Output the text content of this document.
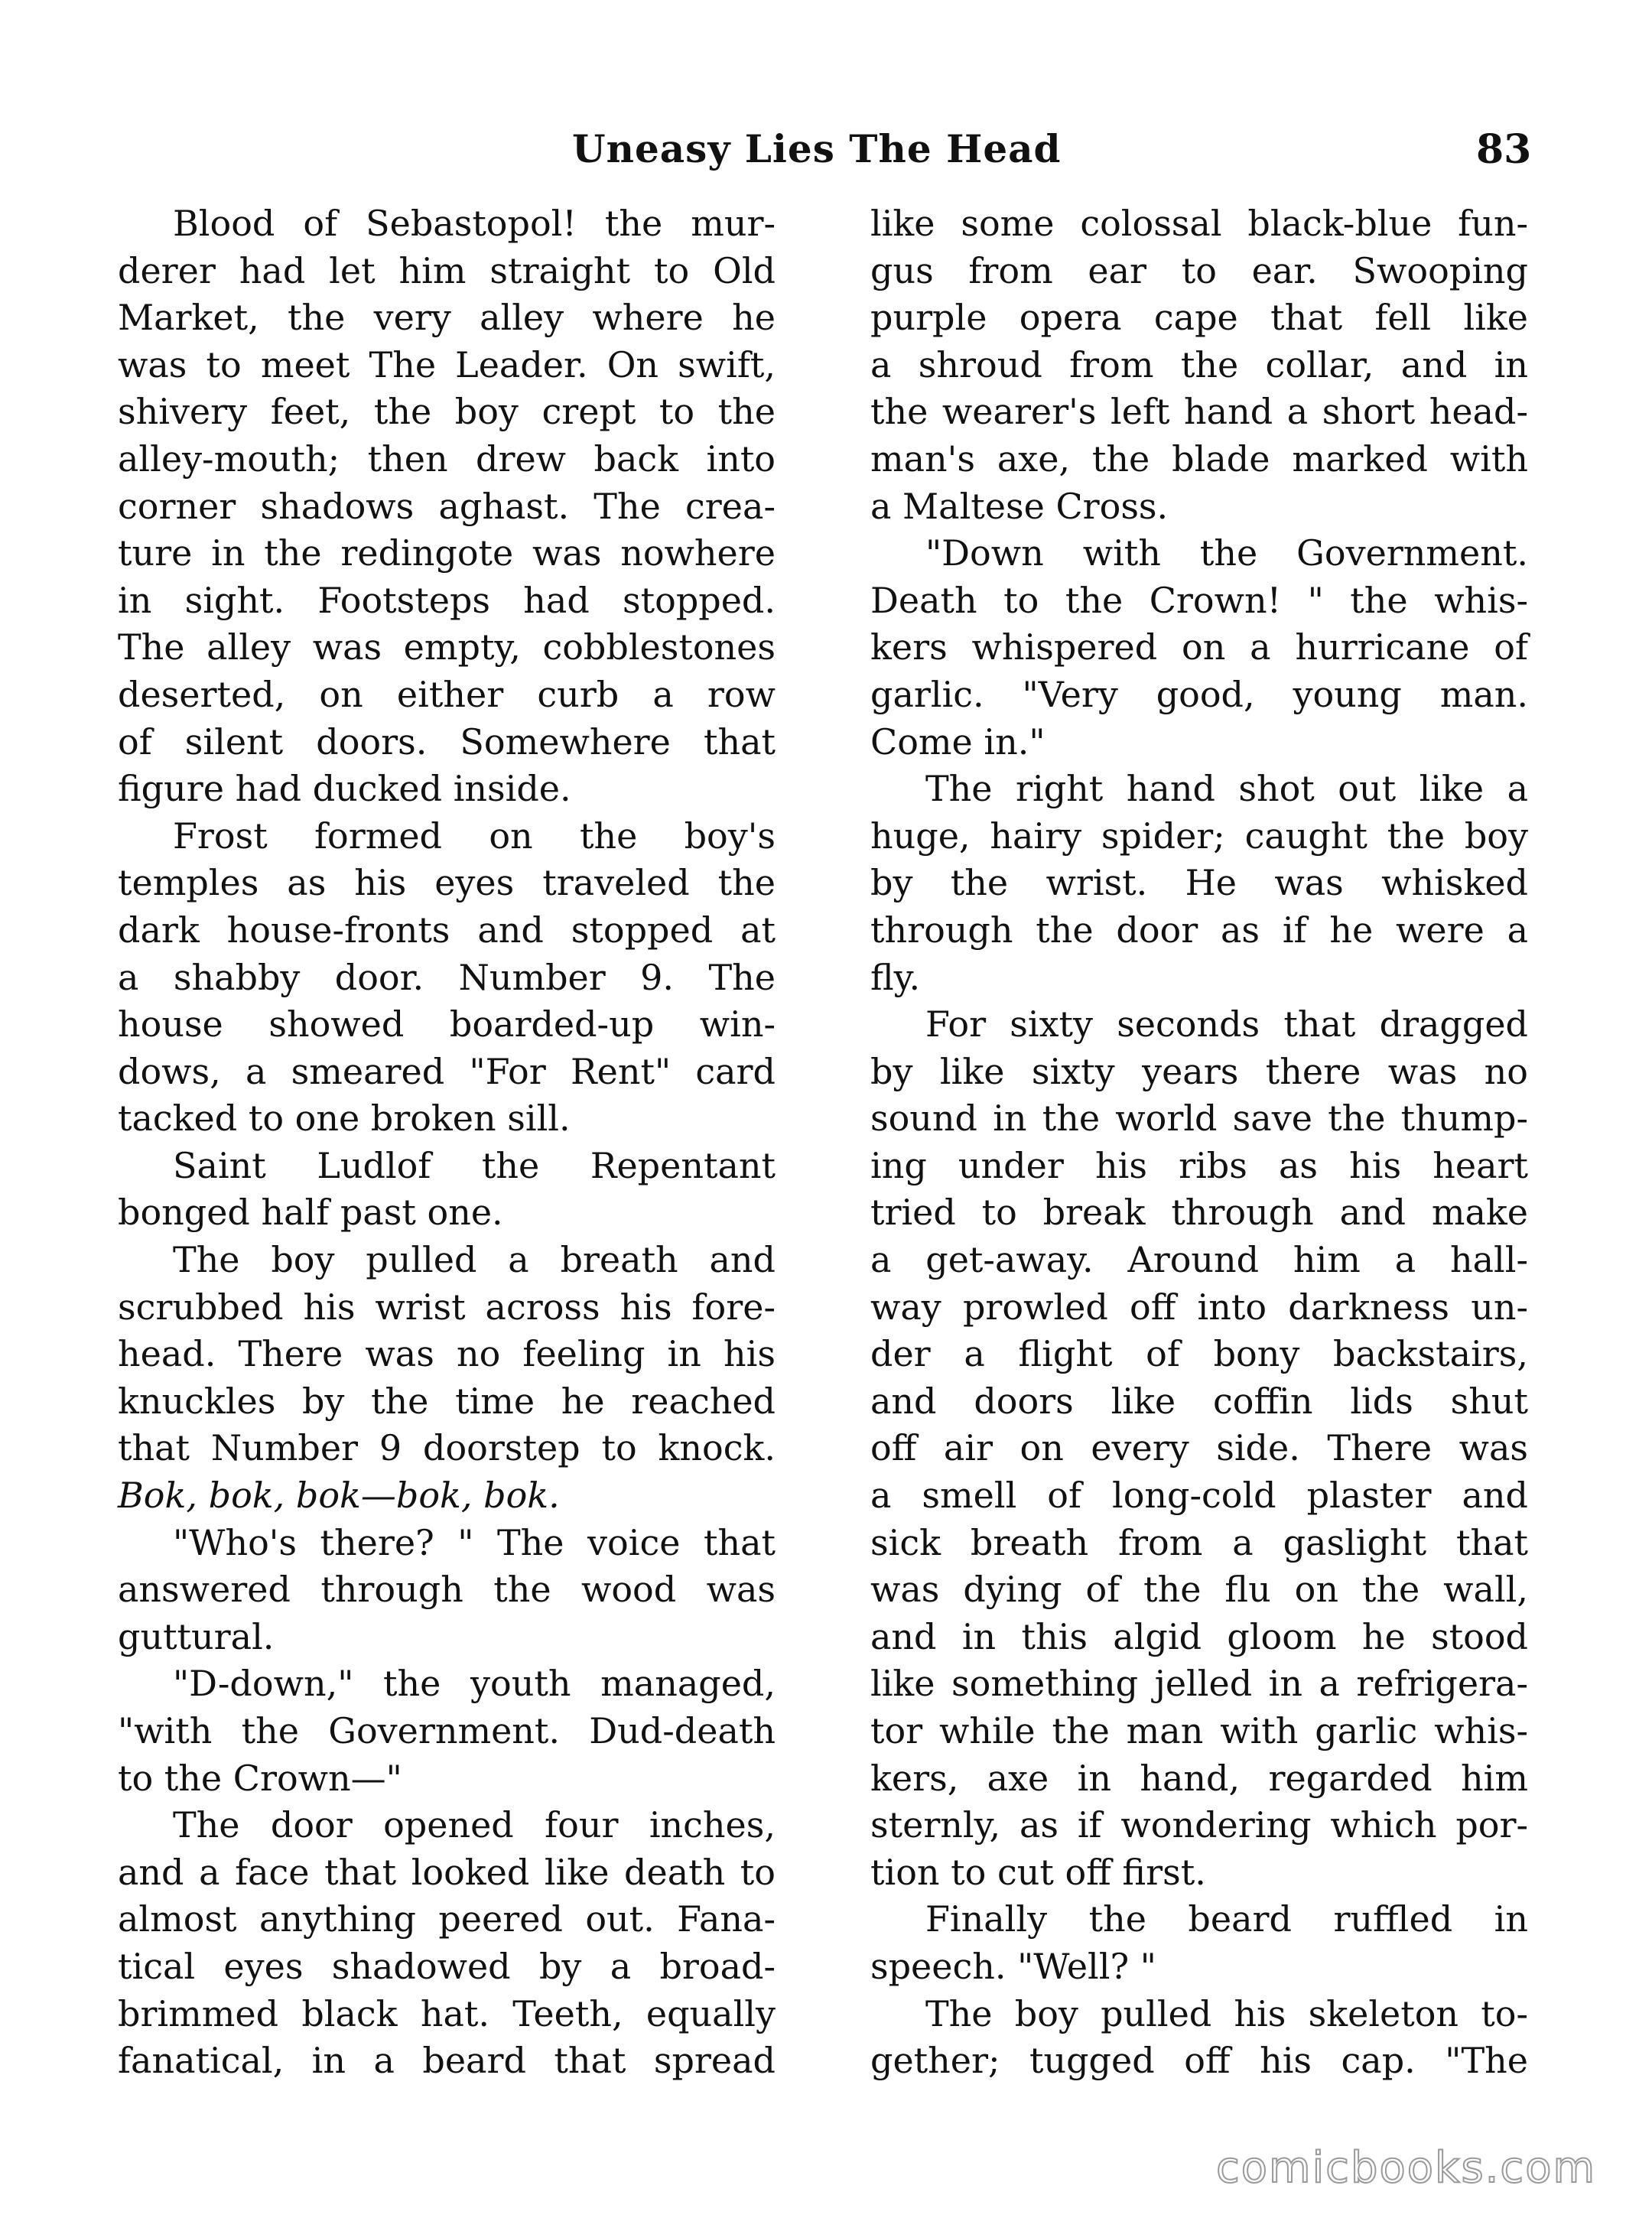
Uneasy Lies The Head	83
Blood of Sebastopol! the mur-
derer had let him straight to Old
Market, the very alley where he
was to meet The Leader. On swift,
shivery feet, the boy crept to the
alley-mouth; then drew back into
corner shadows aghast. The crea-
ture in the redingote was nowhere
in sight. Footsteps had stopped.
The alley was empty, cobblestones
deserted, on either curb a row
of silent doors. Somewhere that
figure had ducked inside.
Frost formed on the boy's
temples as his eyes traveled the
dark house-fronts and stopped at
a shabby door. Number 9. The
house showed boarded-up win-
dows, a smeared "For Rent" card
tacked to one broken sill.
Saint Ludlof the Repentant
bonged half past one.
The boy pulled a breath and
scrubbed his wrist across his fore-
head. There was no feeling in his
knuckles by the time he reached
that Number 9 doorstep to knock.
Bok, bok, bok—bok, bok.
"Who's there? " The voice that
answered through the wood was
guttural.
"D-down," the youth managed,
"with the Government. Dud-death
to the Crown—"
The door opened four inches,
and a face that looked like death to
almost anything peered out. Fana-
tical eyes shadowed by a broad-
brimmed black hat. Teeth, equally
fanatical, in a beard that spread
like some colossal black-blue fun-
gus from ear to ear. Swooping
purple opera cape that fell like
a shroud from the collar, and in
the wearer's left hand a short head-
man's axe, the blade marked with
a Maltese Cross.
"Down with the Government.
Death to the Crown! " the whis-
kers whispered on a hurricane of
garlic. "Very good, young man.
Come in."
The right hand shot out like a
huge, hairy spider; caught the boy
by the wrist. He was whisked
through the door as if he were a
fly.
For sixty seconds that dragged
by like sixty years there was no
sound in the world save the thump-
ing under his ribs as his heart
tried to break through and make
a get-away. Around him a hall-
way prowled off into darkness un-
der a flight of bony backstairs,
and doors like coffin lids shut
off air on every side. There was
a smell of long-cold plaster and
sick breath from a gaslight that
was dying of the flu on the wall,
and in this algid gloom he stood
like something jelled in a refrigera-
tor while the man with garlic whis-
kers, axe in hand, regarded him
sternly, as if wondering which por-
tion to cut off first.
Finally the beard ruffled in
speech. "Well? "
The boy pulled his skeleton to-
gether; tugged off his cap. "The
comicbooks.com
